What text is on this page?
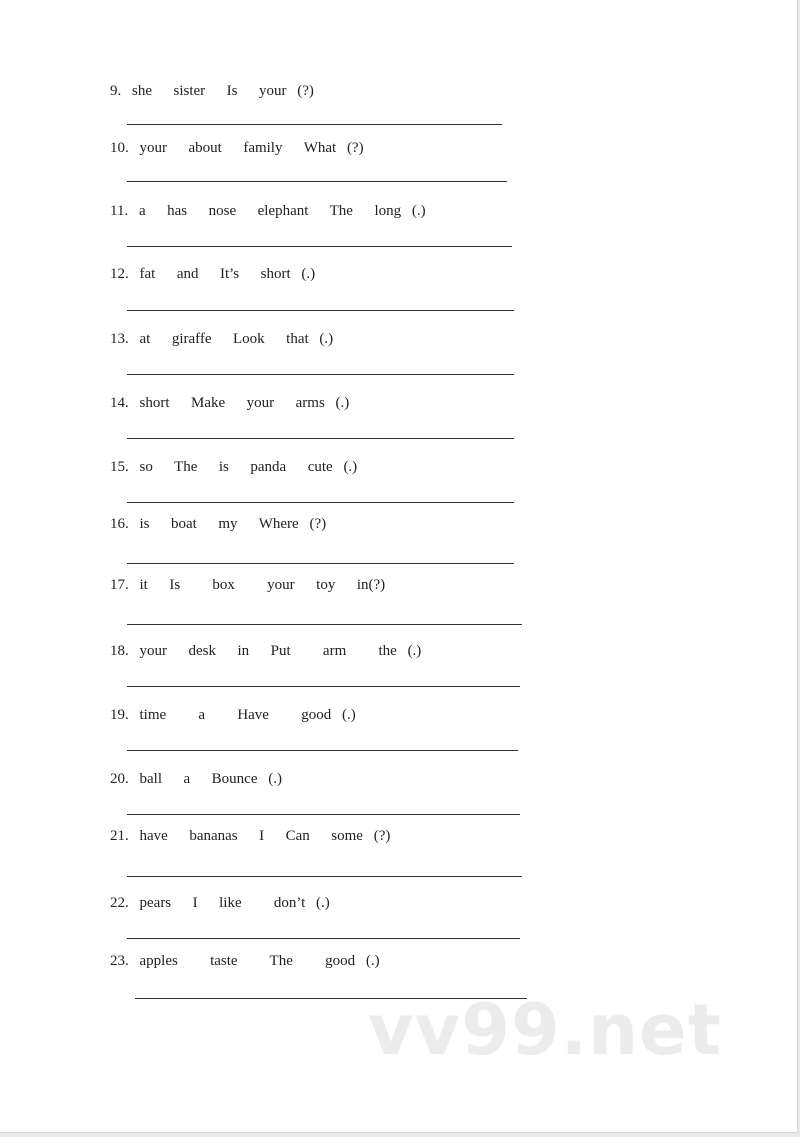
9. she  sister  Is  your (?)
10. your  about  family  What (?)
11. a  has  nose  elephant  The  long (.)
12. fat  and  It’s  short (.)
13. at  giraffe  Look  that (.)
14. short  Make  your  arms (.)
15. so  The  is  panda  cute (.)
16. is  boat  my  Where (?)
17. it  Is   box   your  toy  in(?)
18. your  desk  in  Put   arm   the (.)
19. time   a   Have   good (.)
20. ball  a  Bounce (.)
21. have  bananas  I  Can  some (?)
22. pears  I  like   don’t (.)
23. apples   taste   The   good (.)
vv99.net
